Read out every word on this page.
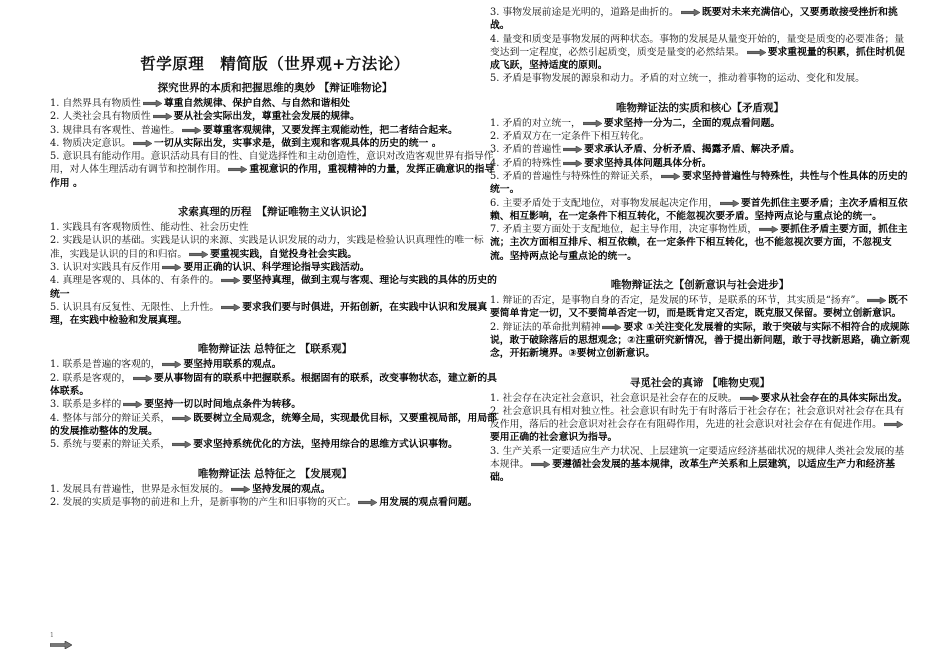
哲学原理　精简版（世界观+方法论）
探究世界的本质和把握思维的奥妙 【辩证唯物论】

1. 自然界具有物质性 尊重自然规律、保护自然、与自然和谐相处

2. 人类社会具有物质性 要从社会实际出发，尊重社会发展的规律。

3. 规律具有客观性、普遍性。 要尊重客观规律，又要发挥主观能动性，把二者结合起来。

4. 物质决定意识。 一切从实际出发，实事求是，做到主观和客观具体的历史的统一 。

5. 意识具有能动作用。意识活动具有目的性、自觉选择性和主动创造性，意识对改造客观世界有指导作用，对人体生理活动有调节和控制作用。 重视意识的作用，重视精神的力量，发挥正确意识的指导作用 。

求索真理的历程　【辩证唯物主义认识论】

1. 实践具有客观物质性、能动性、社会历史性

2. 实践是认识的基础。实践是认识的来源、实践是认识发展的动力，实践是检验认识真理性的唯一标准，实践是认识的目的和归宿。 要重视实践，自觉投身社会实践。

3. 认识对实践具有反作用 要用正确的认识、科学理论指导实践活动。

4. 真理是客观的、具体的、有条件的。 要坚持真理，做到主观与客观、理论与实践的具体的历史的统一

5. 认识具有反复性、无限性、上升性。 要求我们要与时俱进，开拓创新，在实践中认识和发展真理，在实践中检验和发展真理。

唯物辩证法 总特征之 【联系观】

1. 联系是普遍的客观的， 要坚持用联系的观点。

2. 联系是客观的， 要从事物固有的联系中把握联系。根据固有的联系，改变事物状态，建立新的具体联系。

3. 联系是多样的 要坚持一切以时间地点条件为转移。

4. 整体与部分的辩证关系， 既要树立全局观念，统筹全局，实现最优目标，又要重视局部，用局部的发展推动整体的发展。

5. 系统与要素的辩证关系， 要求坚持系统优化的方法，坚持用综合的思维方式认识事物。

唯物辩证法 总特征之 【发展观】

1. 发展具有普遍性，世界是永恒发展的。 坚持发展的观点。

2. 发展的实质是事物的前进和上升，是新事物的产生和旧事物的灭亡。 用发展的观点看问题。

3. 事物发展前途是光明的，道路是曲折的。 既要对未来充满信心，又要勇敢接受挫折和挑战。

4. 量变和质变是事物发展的两种状态。事物的发展是从量变开始的，量变是质变的必要准备；量变达到一定程度，必然引起质变，质变是量变的必然结果。 要求重视量的积累，抓住时机促成飞跃，坚持适度的原则。

5. 矛盾是事物发展的源泉和动力。矛盾的对立统一，推动着事物的运动、变化和发展。

唯物辩证法的实质和核心【矛盾观】

1. 矛盾的对立统一， 要求坚持一分为二，全面的观点看问题。

2. 矛盾双方在一定条件下相互转化。

3. 矛盾的普遍性 要求承认矛盾、分析矛盾、揭露矛盾、解决矛盾。

4. 矛盾的特殊性 要求坚持具体问题具体分析。

5. 矛盾的普遍性与特殊性的辩证关系， 要求坚持普遍性与特殊性，共性与个性具体的历史的统一。

6. 主要矛盾处于支配地位，对事物发展起决定作用， 要首先抓住主要矛盾；主次矛盾相互依赖、相互影响，在一定条件下相互转化，不能忽视次要矛盾。坚持两点论与重点论的统一。

7. 矛盾主要方面处于支配地位，起主导作用，决定事物性质， 要抓住矛盾主要方面，抓住主流；主次方面相互排斥、相互依赖，在一定条件下相互转化，也不能忽视次要方面，不忽视支流。坚持两点论与重点论的统一。

唯物辩证法之【创新意识与社会进步】

1. 辩证的否定，是事物自身的否定，是发展的环节，是联系的环节，其实质是“扬弃”。 既不要简单肯定一切，又不要简单否定一切，而是既肯定又否定，既克服又保留。要树立创新意识。

2. 辩证法的革命批判精神 要求 ①关注变化发展着的实际，敢于突破与实际不相符合的成规陈说，敢于破除落后的思想观念；②注重研究新情况，善于提出新问题，敢于寻找新思路，确立新观念，开拓新境界。③要树立创新意识。

寻觅社会的真谛 【唯物史观】

1. 社会存在决定社会意识，社会意识是社会存在的反映。 要求从社会存在的具体实际出发。

2. 社会意识具有相对独立性。社会意识有时先于有时落后于社会存在；社会意识对社会存在具有反作用，落后的社会意识对社会存在有阻碍作用，先进的社会意识对社会存在有促进作用。
要用正确的社会意识为指导。

3. 生产关系一定要适应生产力状况、上层建筑一定要适应经济基础状况的规律人类社会发展的基本规律。 要遵循社会发展的基本规律，改革生产关系和上层建筑，以适应生产力和经济基础。

1
